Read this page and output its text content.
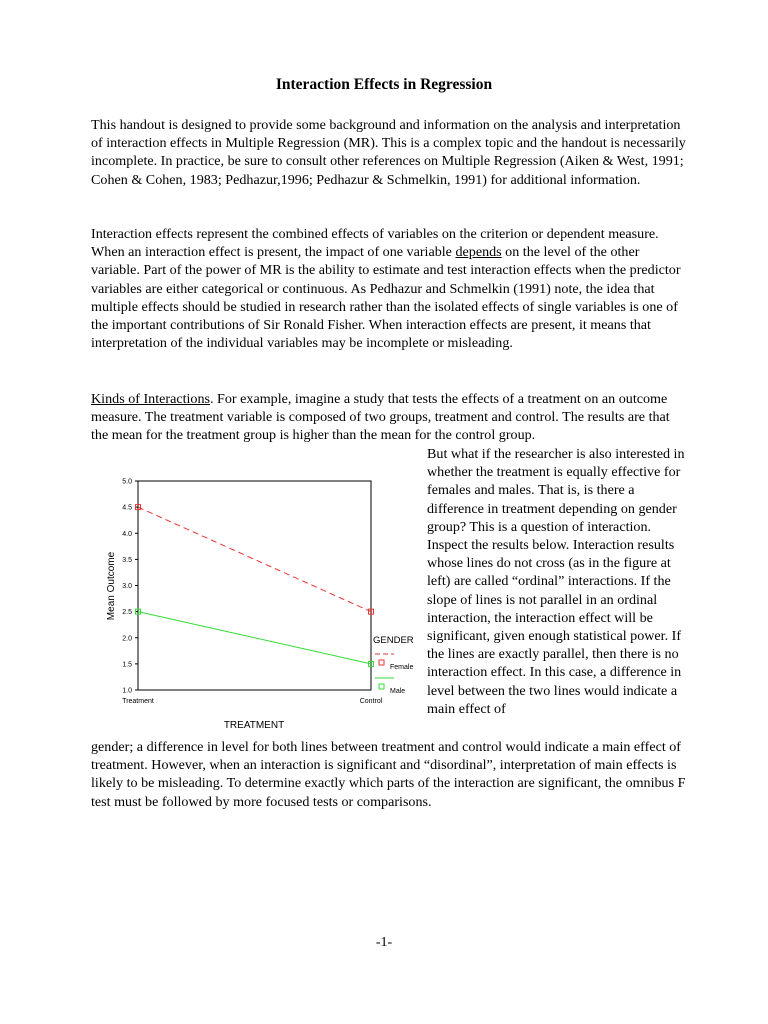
Interaction Effects in Regression

This handout is designed to provide some background and information on the analysis and interpretation of interaction effects in Multiple Regression (MR). This is a complex topic and the handout is necessarily incomplete. In practice, be sure to consult other references on Multiple Regression (Aiken & West, 1991; Cohen & Cohen, 1983; Pedhazur,1996; Pedhazur & Schmelkin, 1991) for additional information.

Interaction effects represent the combined effects of variables on the criterion or dependent measure. When an interaction effect is present, the impact of one variable depends on the level of the other variable. Part of the power of MR is the ability to estimate and test interaction effects when the predictor variables are either categorical or continuous. As Pedhazur and Schmelkin (1991) note, the idea that multiple effects should be studied in research rather than the isolated effects of single variables is one of the important contributions of Sir Ronald Fisher. When interaction effects are present, it means that interpretation of the individual variables may be incomplete or misleading.

Kinds of Interactions. For example, imagine a study that tests the effects of a treatment on an outcome measure. The treatment variable is composed of two groups, treatment and control. The results are that the mean for the treatment group is higher than the mean for the control group.

But what if the researcher is also interested in whether the treatment is equally effective for females and males. That is, is there a difference in treatment depending on gender group? This is a question of interaction. Inspect the results below. Interaction results whose lines do not cross (as in the figure at left) are called “ordinal” interactions. If the slope of lines is not parallel in an ordinal interaction, the interaction effect will be significant, given enough statistical power. If the lines are exactly parallel, then there is no interaction effect. In this case, a difference in level between the two lines would indicate a main effect of

gender; a difference in level for both lines between treatment and control would indicate a main effect of treatment. However, when an interaction is significant and “disordinal”, interpretation of main effects is likely to be misleading. To determine exactly which parts of the interaction are significant, the omnibus F test must be followed by more focused tests or comparisons.

1.0
1.5
2.0
2.5
3.0
3.5
4.0
4.5
5.0
Treatment	Control
TREATMENT
Mean Outcome
GENDER
Female
Male
-1-
